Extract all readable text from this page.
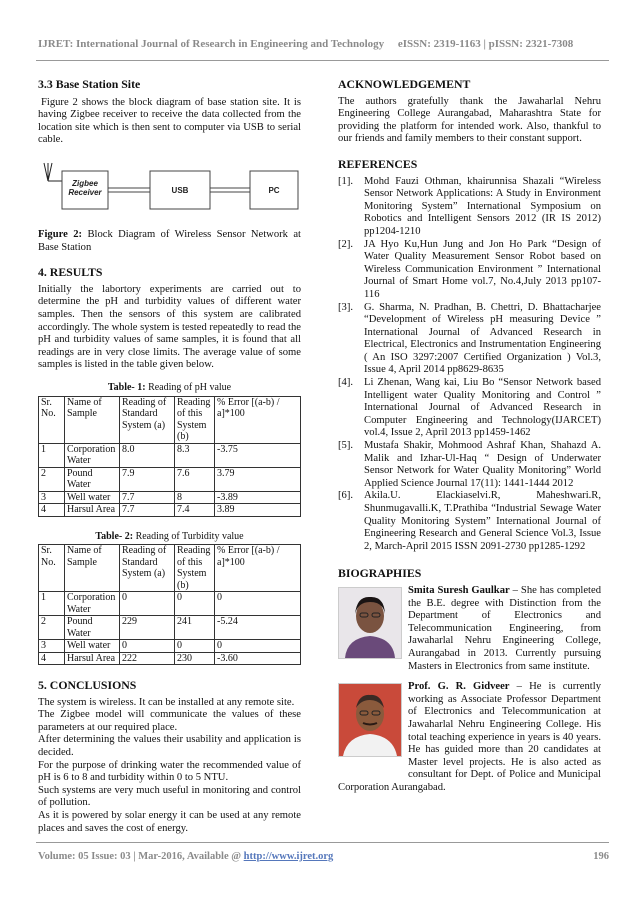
IJRET: International Journal of Research in Engineering and Technology     eISSN: 2319-1163 | pISSN: 2321-7308
3.3 Base Station Site

Figure 2 shows the block diagram of base station site. It is having Zigbee receiver to receive the data collected from the location site which is then sent to computer via USB to serial cable.

Zigbee
Receiver	USB	PC

Figure 2: Block Diagram of Wireless Sensor Network at Base Station

4. RESULTS

Initially the labortory experiments are carried out to determine the pH and turbidity values of different water samples. Then the sensors of this system are calibrated accordingly. The whole system is tested repeatedly to read the pH and turbidity values of same samples, it is found that all readings are in very close limits. The average value of some samples is listed in the table given below.

Table- 1: Reading of pH value
Sr. No.	Name of Sample	Reading of Standard System (a)	Reading of this System (b)	% Error [(a-b) / a]*100
1	Corporation Water	8.0	8.3	-3.75
2	Pound Water	7.9	7.6	3.79
3	Well water	7.7	8	-3.89
4	Harsul Area	7.7	7.4	3.89
Table- 2: Reading of Turbidity value
Sr. No.	Name of Sample	Reading of Standard System (a)	Reading of this System (b)	% Error [(a-b) / a]*100
1	Corporation Water	0	0	0
2	Pound Water	229	241	-5.24
3	Well water	0	0	0
4	Harsul Area	222	230	-3.60
5. CONCLUSIONS

The system is wireless. It can be installed at any remote site.

The Zigbee model will communicate the values of these parameters at our required place.

After determining the values their usability and application is decided.

For the purpose of drinking water the recommended value of pH is 6 to 8 and turbidity within 0 to 5 NTU.

Such systems are very much useful in monitoring and control of pollution.

As it is powered by solar energy it can be used at any remote places and saves the cost of energy.

ACKNOWLEDGEMENT

The authors gratefully thank the Jawaharlal Nehru Engineering College Aurangabad, Maharashtra State for providing the platform for intended work. Also, thankful to our friends and family members to their constant support.

REFERENCES
[1].	Mohd Fauzi Othman, khairunnisa Shazali “Wireless Sensor Network Applications: A Study in Environment Monitoring System” International Symposium on Robotics and Intelligent Sensors 2012 (IR IS 2012) pp1204-1210
[2].	JA Hyo Ku,Hun Jung and Jon Ho Park “Design of Water Quality Measurement Sensor Robot based on Wireless Communication Environment ” International Journal of Smart Home vol.7, No.4,July 2013 pp107-116
[3].	G. Sharma, N. Pradhan, B. Chettri, D. Bhattacharjee “Development of Wireless pH measuring Device ” International Journal of Advanced Research in Electrical, Electronics and Instrumentation Engineering ( An ISO 3297:2007 Certified Organization ) Vol.3, Issue 4, April 2014 pp8629-8635
[4].	Li Zhenan, Wang kai, Liu Bo “Sensor Network based Intelligent water Quality Monitoring and Control ” International Journal of Advanced Research in Computer Engineering and Technology(IJARCET) vol.4, Issue 2, April 2013 pp1459-1462
[5].	Mustafa Shakir, Mohmood Ashraf Khan, Shahazd A. Malik and Izhar-Ul-Haq “ Design of Underwater Sensor Network for Water Quality Monitoring” World Applied Science Journal 17(11): 1441-1444 2012
[6].	Akila.U. Elackiaselvi.R, Maheshwari.R, Shunmugavalli.K, T.Prathiba “Industrial Sewage Water Quality Monitoring System” International Journal of Engineering Research and General Science Vol.3, Issue 2, March-April 2015 ISSN 2091-2730 pp1285-1292
BIOGRAPHIES
Smita Suresh Gaulkar – She has completed the B.E. degree with Distinction from the Department of Electronics and Telecommunication Engineering, from Jawaharlal Nehru Engineering College, Aurangabad in 2013. Currently pursuing Masters in Electronics from same institute.
Prof. G. R. Gidveer – He is currently working as Associate Professor Department of Electronics and Telecommunication at Jawaharlal Nehru Engineering College. His total teaching experience in years is 40 years. He has guided more than 20 candidates at Master level projects. He is also acted as consultant for Dept. of Police and Municipal Corporation Aurangabad.
Volume: 05 Issue: 03 | Mar-2016, Available @ http://www.ijret.org	196
